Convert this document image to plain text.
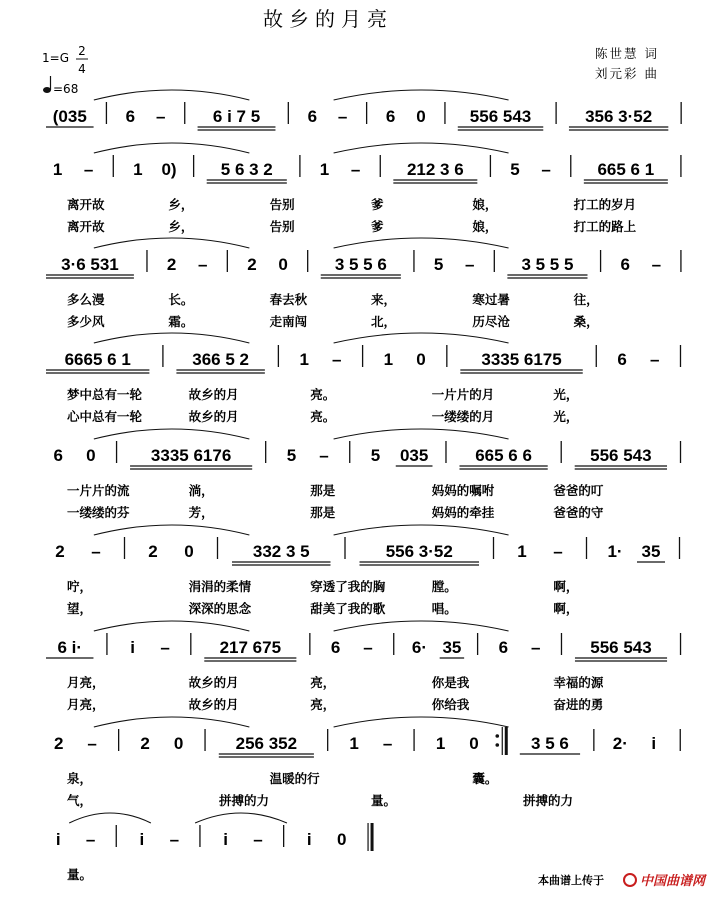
故乡的月亮
1=G 2
4
=68
陈世慧 词
刘元彩 曲
(035 6 –	6 i 7 5	6 – 6 0	556 543	356 3·52
1 – 1 0)	5 6 3 2	1 –	212 3 6	5 –	665 6 1
离开故	乡，	告别	爹	娘，	打工的岁月
离开故	乡，	告别	爹	娘，	打工的路上
3·6 531	2 – 2 0	3 5 5 6	5 –	3 5 5 5	6 –
多么漫	长。	春去秋	来，	寒过暑	往，
多少风	霜。	走南闯	北，	历尽沧	桑，
6665 6 1	366 5 2	1 – 1 0	3335 6175	6 –
梦中总有一轮	故乡的月	亮。	一片片的月	光，
心中总有一轮	故乡的月	亮。	一缕缕的月	光，
6 0	3335 6176	5 – 5 035	665 6 6	556 543
一片片的流	淌，	那是	妈妈的嘱咐	爸爸的叮
一缕缕的芬	芳，	那是	妈妈的牵挂	爸爸的守
2 –	2 0	332 3 5	556 3·52	1 –	1· 35
咛，	涓涓的柔情	穿透了我的胸	膛。	啊，
望，	深深的思念	甜美了我的歌	唱。	啊，
6 i·	i –	217 675	6 – 6· 35 6 –	556 543
月亮，	故乡的月	亮，	你是我	幸福的源
月亮，	故乡的月	亮，	你给我	奋进的勇
2 –	2 0	256 352	1 –	1 0	3 5 6	2· i
泉，	温暖的行	囊。
气，	拼搏的力	量。	拼搏的力
i –	i –	i –	i 0
量。	本曲谱上传于	中国曲谱网
